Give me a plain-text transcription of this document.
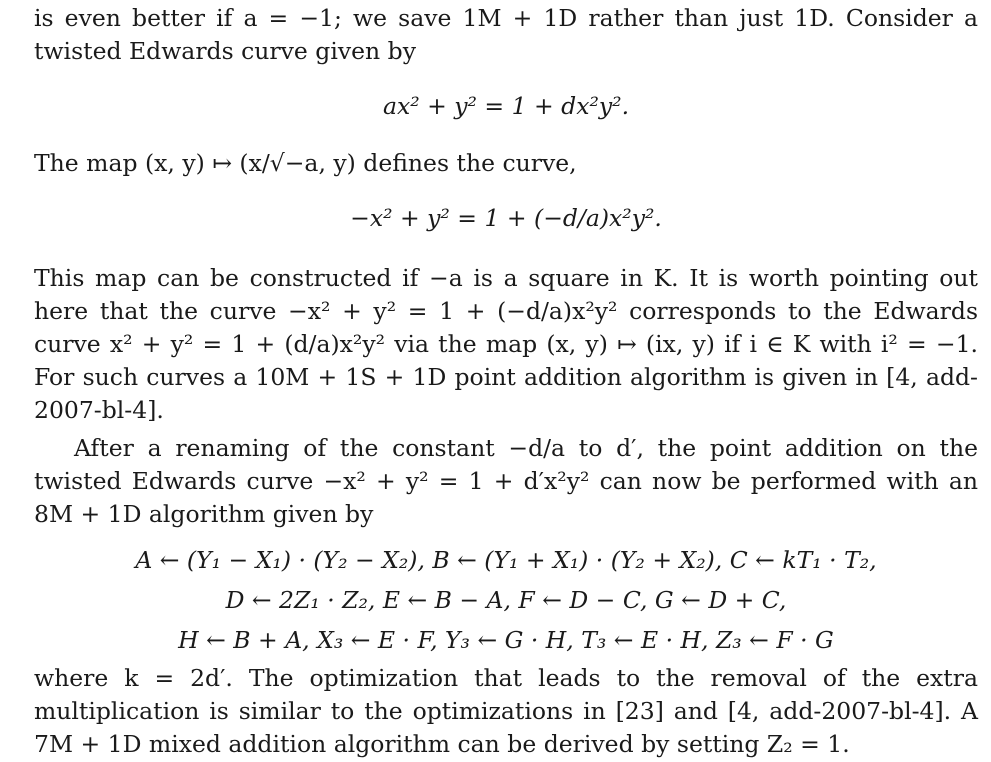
is even better if a = −1; we save 1M + 1D rather than just 1D. Consider a twisted Edwards curve given by

ax² + y² = 1 + dx²y².

The map (x, y) ↦ (x/√−a, y) defines the curve,

−x² + y² = 1 + (−d/a)x²y².

This map can be constructed if −a is a square in K. It is worth pointing out here that the curve −x² + y² = 1 + (−d/a)x²y² corresponds to the Edwards curve x² + y² = 1 + (d/a)x²y² via the map (x, y) ↦ (ix, y) if i ∈ K with i² = −1. For such curves a 10M + 1S + 1D point addition algorithm is given in [4, add-2007-bl-4].

After a renaming of the constant −d/a to d′, the point addition on the twisted Edwards curve −x² + y² = 1 + d′x²y² can now be performed with an 8M + 1D algorithm given by

A ← (Y₁ − X₁) · (Y₂ − X₂), B ← (Y₁ + X₁) · (Y₂ + X₂), C ← kT₁ · T₂,

D ← 2Z₁ · Z₂, E ← B − A, F ← D − C, G ← D + C,

H ← B + A, X₃ ← E · F, Y₃ ← G · H, T₃ ← E · H, Z₃ ← F · G

where k = 2d′. The optimization that leads to the removal of the extra multiplication is similar to the optimizations in [23] and [4, add-2007-bl-4]. A 7M + 1D mixed addition algorithm can be derived by setting Z₂ = 1.
